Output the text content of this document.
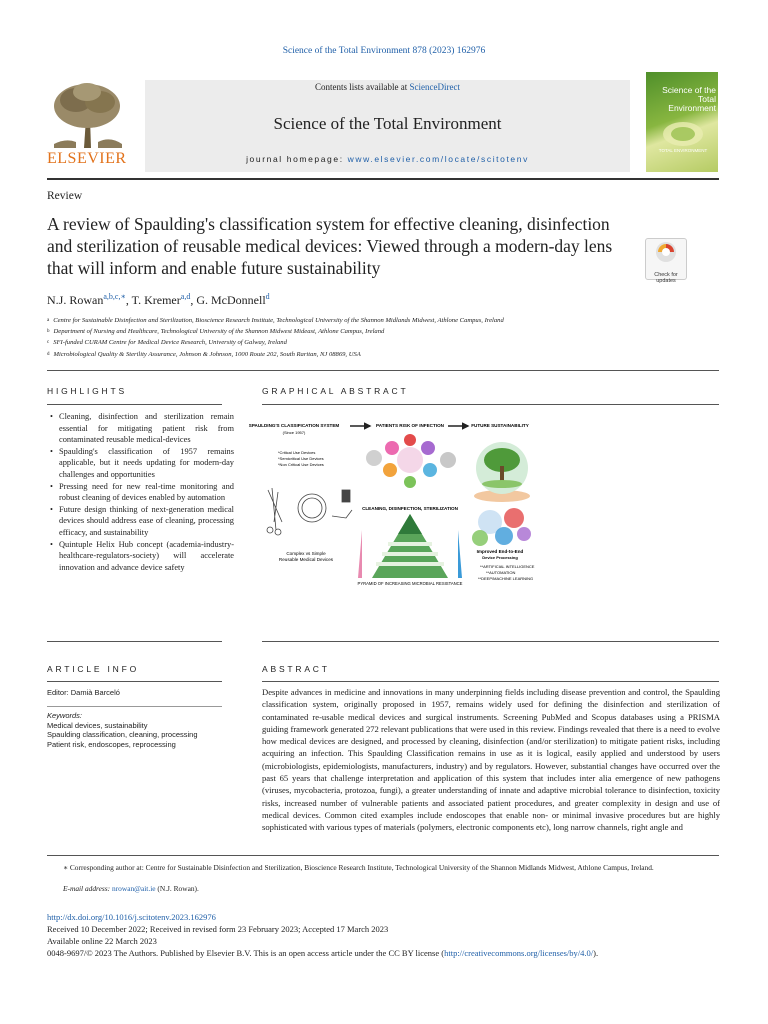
Science of the Total Environment 878 (2023) 162976
Contents lists available at ScienceDirect
Science of the Total Environment
journal homepage: www.elsevier.com/locate/scitotenv
ELSEVIER
Science of the Total Environment
TOTAL ENVIRONMENT
Review
A review of Spaulding's classification system for effective cleaning, disinfection and sterilization of reusable medical devices: Viewed through a modern-day lens that will inform and enable future sustainability	Check for updates
N.J. Rowan$^{a,b,c,∗}$, T. Kremer$^{a,d}$, G. McDonnell$^d$
$^a$ Centre for Sustainable Disinfection and Sterilization, Bioscience Research Institute, Technological University of the Shannon Midlands Midwest, Athlone Campus, Ireland
$^b$ Department of Nursing and Healthcare, Technological University of the Shannon Midwest Mideast, Athlone Campus, Ireland
$^c$ SFI-funded CURAM Centre for Medical Device Research, University of Galway, Ireland
$^d$ Microbiological Quality & Sterility Assurance, Johnson & Johnson, 1000 Route 202, South Raritan, NJ 08869, USA
HIGHLIGHTS	GRAPHICAL ABSTRACT
• Cleaning, disinfection and sterilization remain essential for mitigating patient risk from contaminated reusable medical-devices
• Spaulding's classification of 1957 remains applicable, but it needs updating for modern-day challenges and opportunities
• Pressing need for new real-time monitoring and robust cleaning of devices enabled by automation
• Future design thinking of next-generation medical devices should address ease of cleaning, processing efficacy, and sustainability
• Quintuple Helix Hub concept (academia-industry-healthcare-regulators-society) will accelerate innovation and advance device safety
SPAULDING'S CLASSIFICATION SYSTEM
(Since 1957)
*Critical Use Devices
*Semicritical Use Devices
*Non Critical Use Devices
Complex vs Simple
Reusable Medical Devices
PATIENTS RISK OF INFECTION
CLEANING, DISINFECTION, STERILIZATION
PYRAMID OF INCREASING MICROBIAL RESISTANCE
FUTURE SUSTAINABILITY
Improved End-to-End
Device Processing
**ARTIFICIAL INTELLIGENCE
**AUTOMATION
**DEEP/MACHINE LEARNING
ARTICLE INFO	ABSTRACT
Editor: Damià Barceló
Keywords:
Medical devices, sustainability
Spaulding classification, cleaning, processing
Patient risk, endoscopes, reprocessing
Despite advances in medicine and innovations in many underpinning fields including disease prevention and control, the Spaulding classification system, originally proposed in 1957, remains widely used for defining the disinfection and sterilization of contaminated re-usable medical devices and surgical instruments. Screening PubMed and Scopus databases using a PRISMA guiding framework generated 272 relevant publications that were used in this review. Findings revealed that there is a need to evolve how medical devices are designed, and processed by cleaning, disinfection (and/or sterilization) to mitigate patient risks, including acquiring an infection. This Spaulding Classification remains in use as it is logical, easily applied and understood by users (microbiologists, epidemiologists, manufacturers, industry) and by regulators. However, substantial changes have occurred over the past 65 years that challenge interpretation and application of this system that includes inter alia emergence of new pathogens (viruses, mycobacteria, protozoa, fungi), a greater understanding of innate and adaptive microbial tolerance to disinfection, toxicity risks, increased number of vulnerable patients and associated patient procedures, and greater complexity in design and use of medical devices. Common cited examples include endoscopes that enable non- or minimal invasive procedures but are highly sophisticated with various types of materials (polymers, electronic components etc), long narrow channels, right angle and
∗ Corresponding author at: Centre for Sustainable Disinfection and Sterilization, Bioscience Research Institute, Technological University of the Shannon Midlands Midwest, Athlone Campus, Ireland.
E-mail address: nrowan@ait.ie (N.J. Rowan).
http://dx.doi.org/10.1016/j.scitotenv.2023.162976
Received 10 December 2022; Received in revised form 23 February 2023; Accepted 17 March 2023
Available online 22 March 2023
0048-9697/© 2023 The Authors. Published by Elsevier B.V. This is an open access article under the CC BY license (http://creativecommons.org/licenses/by/4.0/).
